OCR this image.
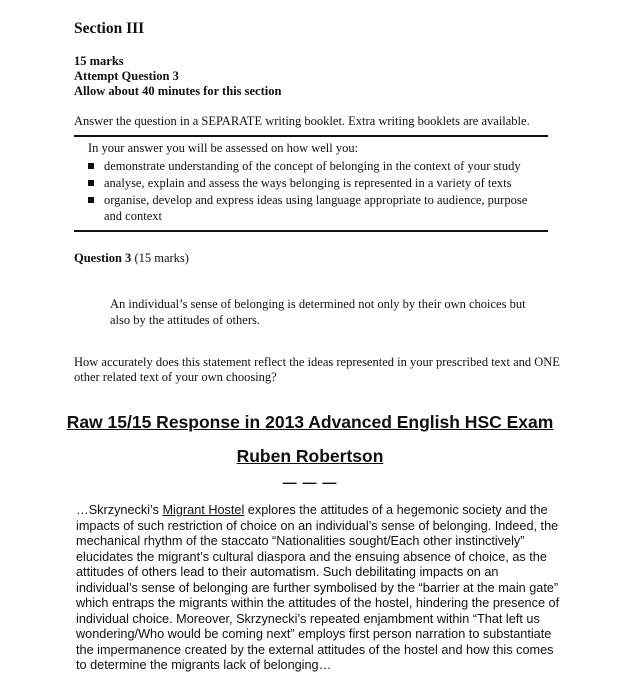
Section III
15 marks
Attempt Question 3
Allow about 40 minutes for this section
Answer the question in a SEPARATE writing booklet. Extra writing booklets are available.
In your answer you will be assessed on how well you:
demonstrate understanding of the concept of belonging in the context of your study
analyse, explain and assess the ways belonging is represented in a variety of texts
organise, develop and express ideas using language appropriate to audience, purpose and context
Question 3 (15 marks)
An individual’s sense of belonging is determined not only by their own choices but also by the attitudes of others.
How accurately does this statement reflect the ideas represented in your prescribed text and ONE other related text of your own choosing?
Raw 15/15 Response in 2013 Advanced English HSC Exam
Ruben Robertson
— — —
…Skrzynecki’s Migrant Hostel explores the attitudes of a hegemonic society and the impacts of such restriction of choice on an individual’s sense of belonging. Indeed, the mechanical rhythm of the staccato “Nationalities sought/Each other instinctively” elucidates the migrant’s cultural diaspora and the ensuing absence of choice, as the attitudes of others lead to their automatism. Such debilitating impacts on an individual’s sense of belonging are further symbolised by the “barrier at the main gate” which entraps the migrants within the attitudes of the hostel, hindering the presence of individual choice. Moreover, Skrzynecki’s repeated enjambment within “That left us wondering/Who would be coming next” employs first person narration to substantiate the impermanence created by the external attitudes of the hostel and how this comes to determine the migrants lack of belonging…
